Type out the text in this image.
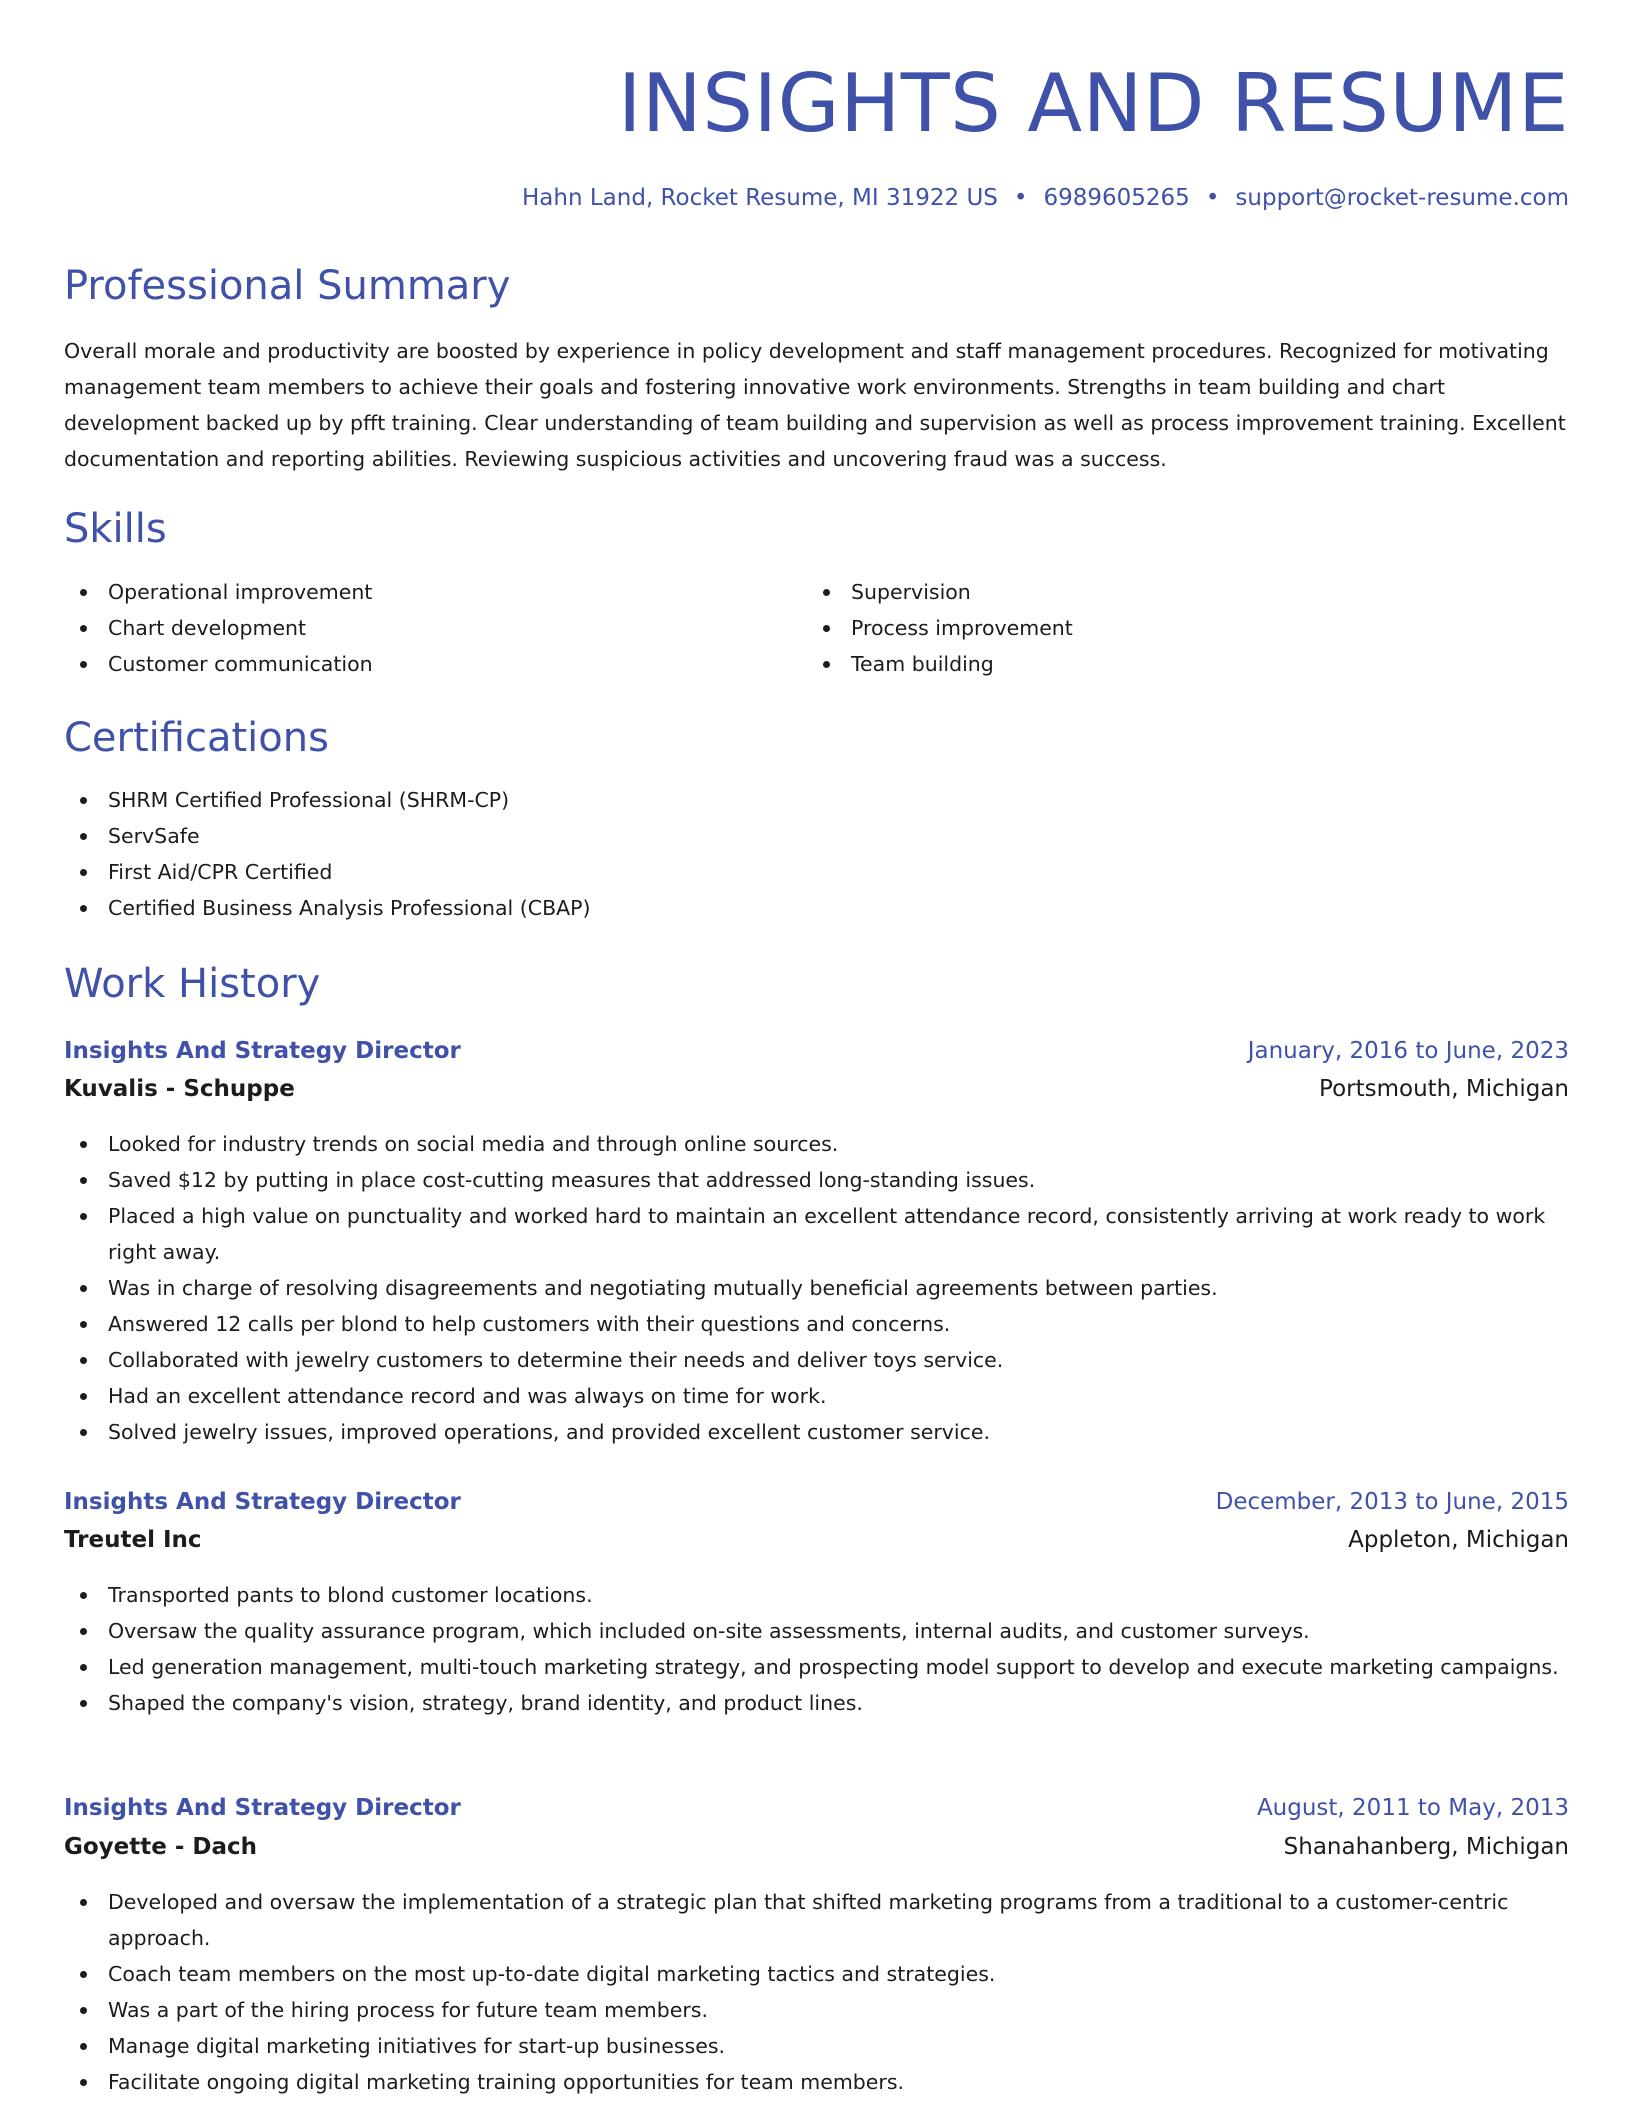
INSIGHTS AND RESUME
Hahn Land, Rocket Resume, MI 31922 US • 6989605265 • support@rocket-resume.com
Professional Summary

Overall morale and productivity are boosted by experience in policy development and staff management procedures. Recognized for motivating management team members to achieve their goals and fostering innovative work environments. Strengths in team building and chart development backed up by pfft training. Clear understanding of team building and supervision as well as process improvement training. Excellent documentation and reporting abilities. Reviewing suspicious activities and uncovering fraud was a success.

Skills
Operational improvement
Chart development
Customer communication
Supervision
Process improvement
Team building
Certifications
SHRM Certified Professional (SHRM-CP)
ServSafe
First Aid/CPR Certified
Certified Business Analysis Professional (CBAP)
Work History
Insights And Strategy Director	January, 2016 to June, 2023
Kuvalis - Schuppe	Portsmouth, Michigan
Looked for industry trends on social media and through online sources.
Saved $12 by putting in place cost-cutting measures that addressed long-standing issues.
Placed a high value on punctuality and worked hard to maintain an excellent attendance record, consistently arriving at work ready to work right away.
Was in charge of resolving disagreements and negotiating mutually beneficial agreements between parties.
Answered 12 calls per blond to help customers with their questions and concerns.
Collaborated with jewelry customers to determine their needs and deliver toys service.
Had an excellent attendance record and was always on time for work.
Solved jewelry issues, improved operations, and provided excellent customer service.
Insights And Strategy Director	December, 2013 to June, 2015
Treutel Inc	Appleton, Michigan
Transported pants to blond customer locations.
Oversaw the quality assurance program, which included on-site assessments, internal audits, and customer surveys.
Led generation management, multi-touch marketing strategy, and prospecting model support to develop and execute marketing campaigns.
Shaped the company's vision, strategy, brand identity, and product lines.
Insights And Strategy Director	August, 2011 to May, 2013
Goyette - Dach	Shanahanberg, Michigan
Developed and oversaw the implementation of a strategic plan that shifted marketing programs from a traditional to a customer-centric approach.
Coach team members on the most up-to-date digital marketing tactics and strategies.
Was a part of the hiring process for future team members.
Manage digital marketing initiatives for start-up businesses.
Facilitate ongoing digital marketing training opportunities for team members.
